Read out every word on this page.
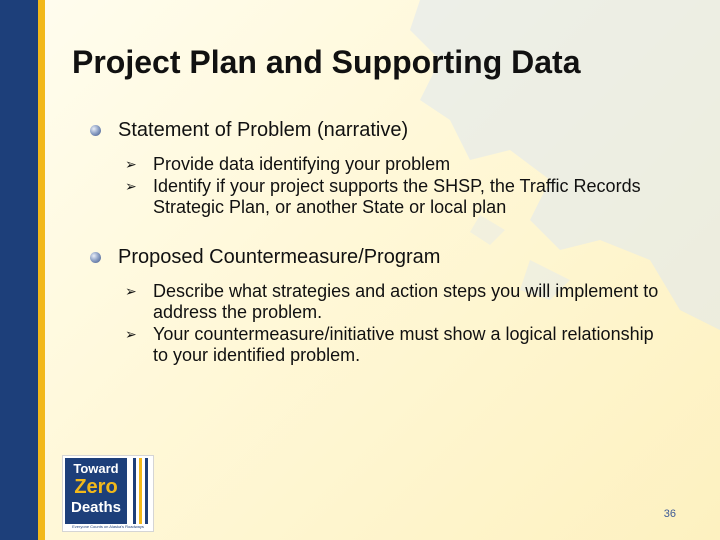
Project Plan and Supporting Data
Statement of Problem (narrative)
➢ Provide data identifying your problem
➢ Identify if your project supports the SHSP, the Traffic Records Strategic Plan, or another State or local plan
Proposed Countermeasure/Program
➢ Describe what strategies and action steps you will implement to address the problem.
➢ Your countermeasure/initiative must show a logical relationship to your identified problem.
Toward
Zero
Deaths
Everyone Counts on Alaska's Roadways
36
